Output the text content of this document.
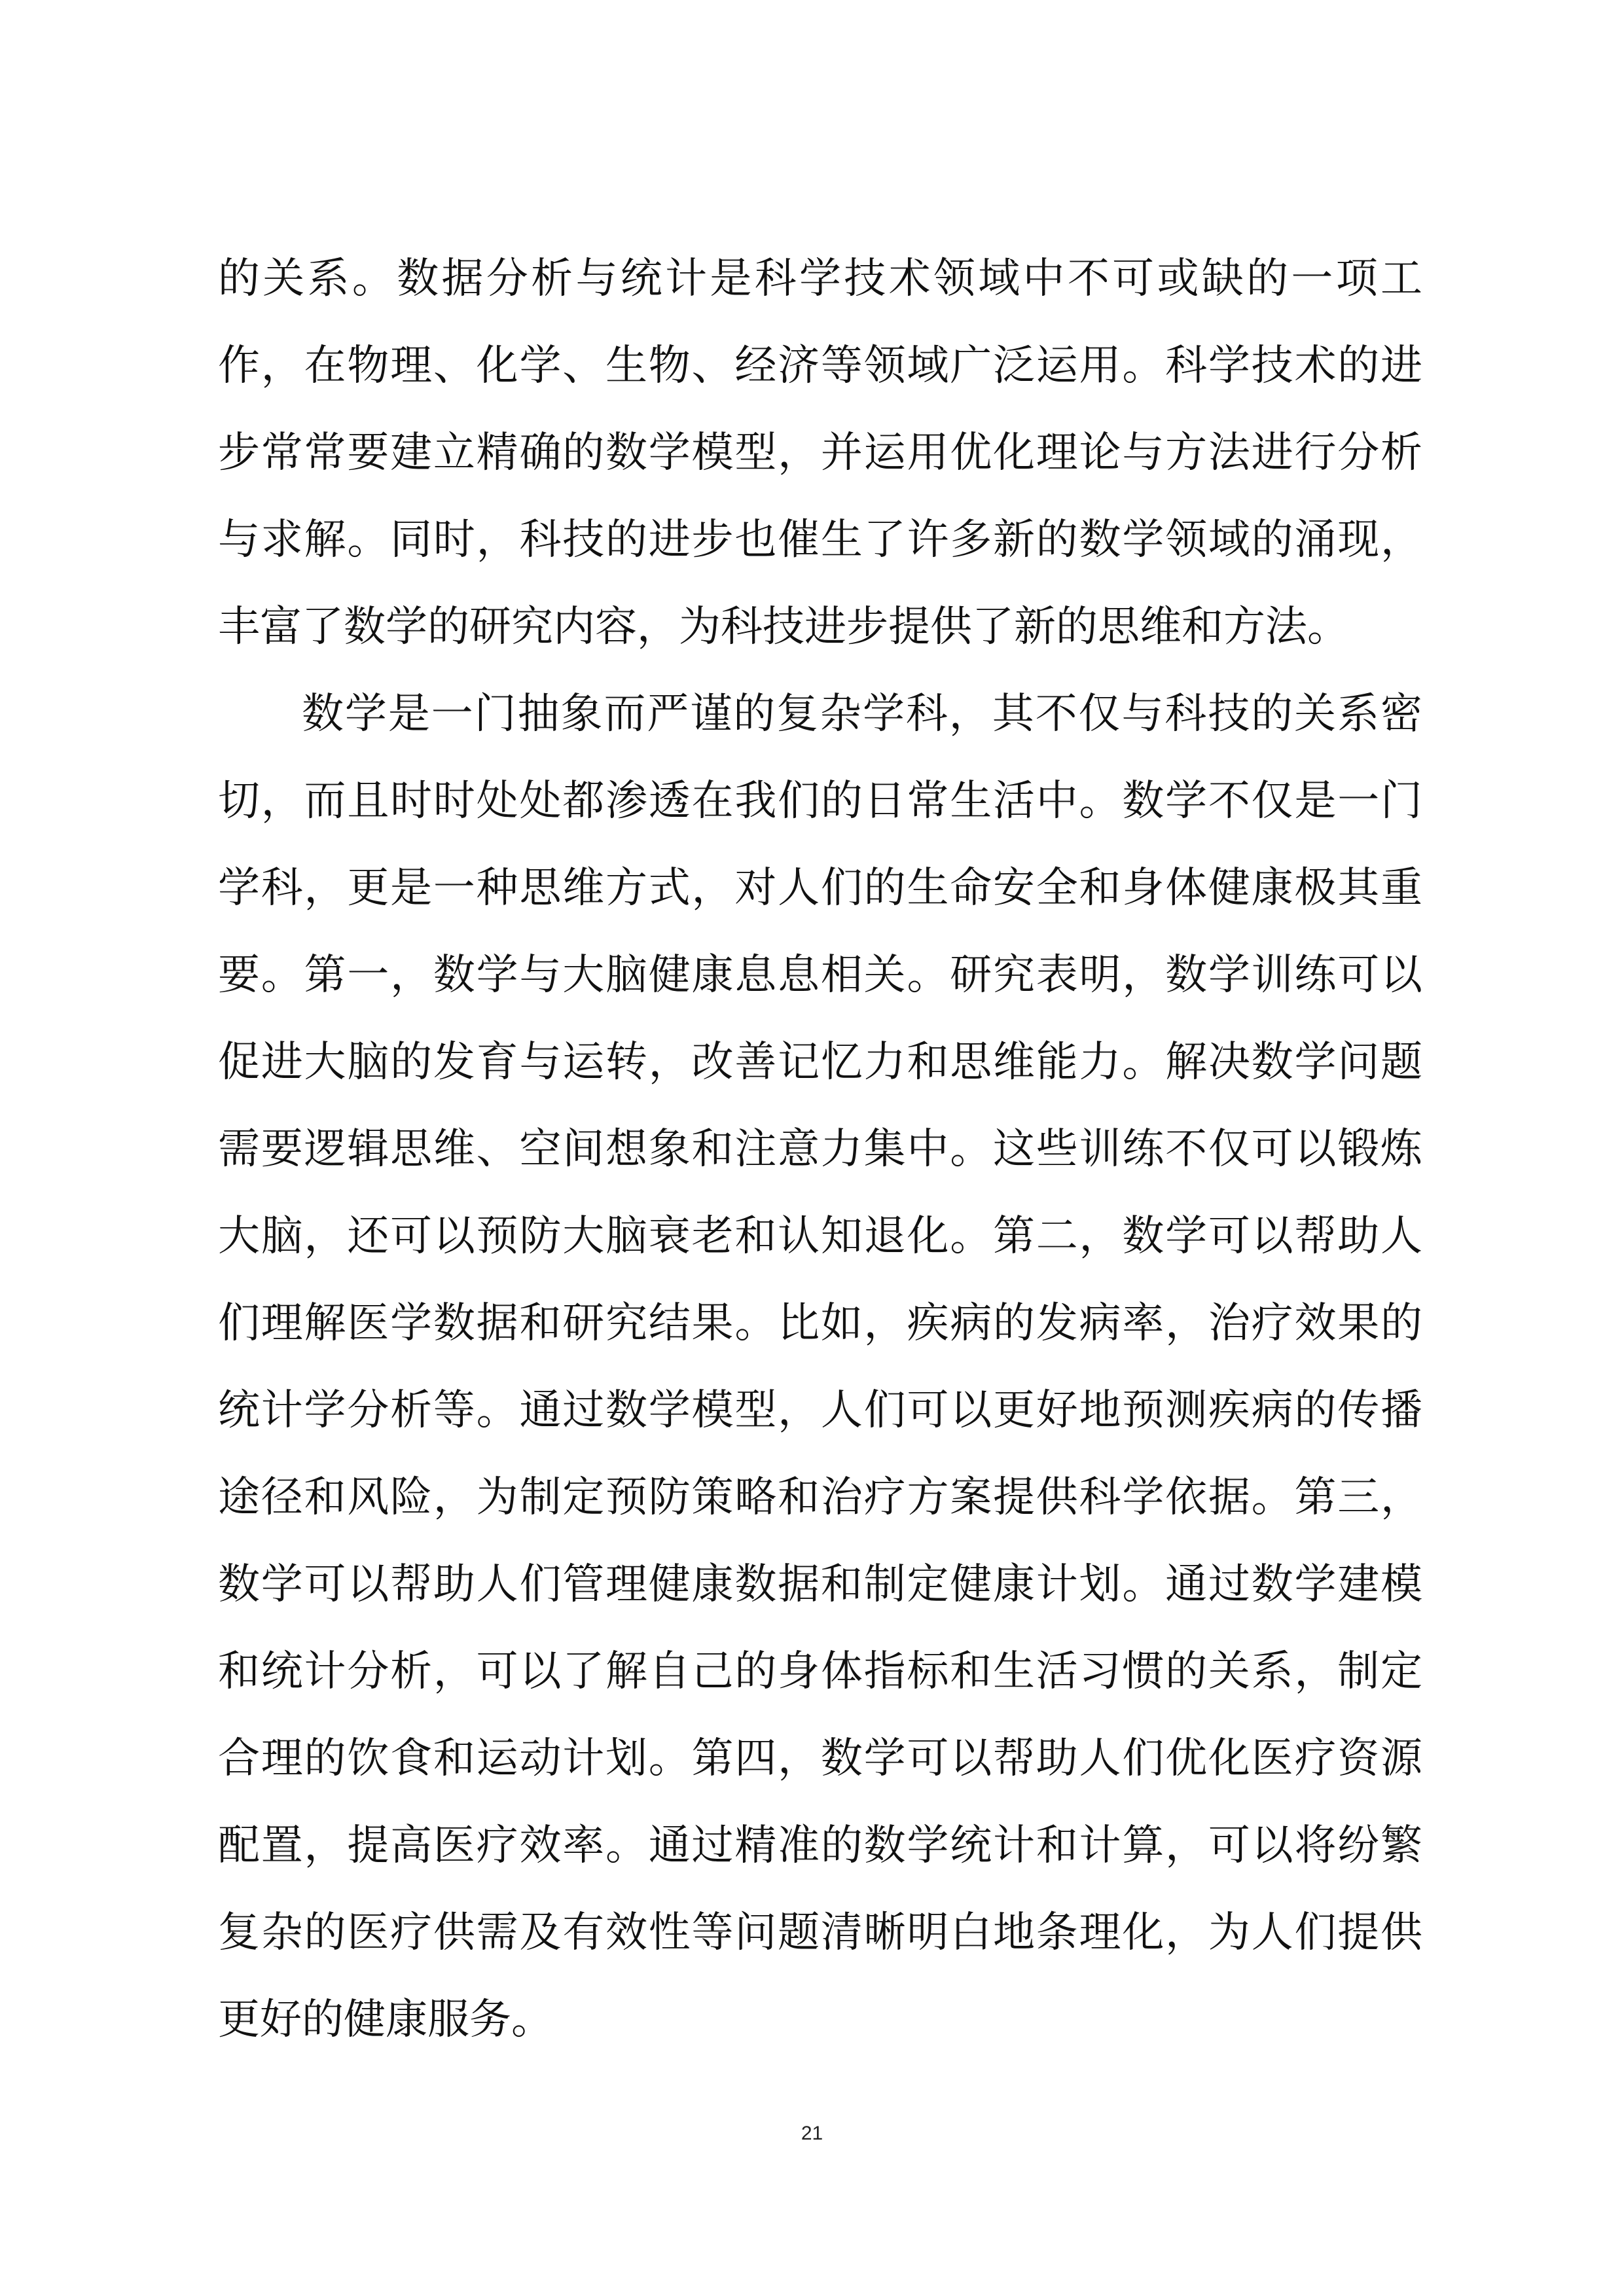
的关系。数据分析与统计是科学技术领域中不可或缺的一项工作，在物理、化学、生物、经济等领域广泛运用。科学技术的进步常常要建立精确的数学模型，并运用优化理论与方法进行分析与求解。同时，科技的进步也催生了许多新的数学领域的涌现，丰富了数学的研究内容，为科技进步提供了新的思维和方法。

数学是一门抽象而严谨的复杂学科，其不仅与科技的关系密切，而且时时处处都渗透在我们的日常生活中。数学不仅是一门学科，更是一种思维方式，对人们的生命安全和身体健康极其重要。第一，数学与大脑健康息息相关。研究表明，数学训练可以促进大脑的发育与运转，改善记忆力和思维能力。解决数学问题需要逻辑思维、空间想象和注意力集中。这些训练不仅可以锻炼大脑，还可以预防大脑衰老和认知退化。第二，数学可以帮助人们理解医学数据和研究结果。比如，疾病的发病率，治疗效果的统计学分析等。通过数学模型，人们可以更好地预测疾病的传播途径和风险，为制定预防策略和治疗方案提供科学依据。第三，数学可以帮助人们管理健康数据和制定健康计划。通过数学建模和统计分析，可以了解自己的身体指标和生活习惯的关系，制定合理的饮食和运动计划。第四，数学可以帮助人们优化医疗资源配置，提高医疗效率。通过精准的数学统计和计算，可以将纷繁复杂的医疗供需及有效性等问题清晰明白地条理化，为人们提供更好的健康服务。

21
